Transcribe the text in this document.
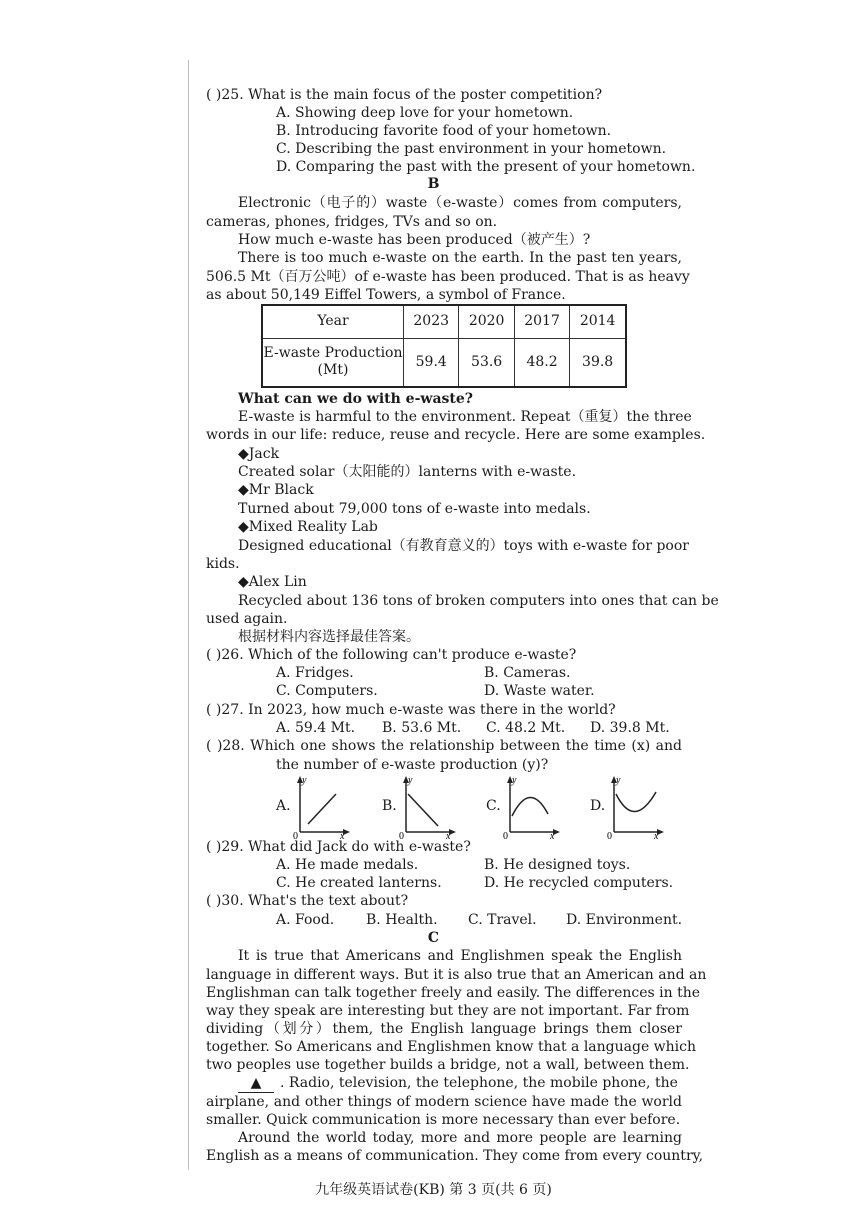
( )25. What is the main focus of the poster competition?
A. Showing deep love for your hometown.
B. Introducing favorite food of your hometown.
C. Describing the past environment in your hometown.
D. Comparing the past with the present of your hometown.
B
Electronic（电子的）waste（e-waste）comes from computers,
cameras, phones, fridges, TVs and so on.
How much e-waste has been produced（被产生）?
There is too much e-waste on the earth. In the past ten years,
506.5 Mt（百万公吨）of e-waste has been produced. That is as heavy
as about 50,149 Eiffel Towers, a symbol of France.
Year	2023	2020	2017	2014

E-waste Production
(Mt)	59.4	53.6	48.2	39.8
What can we do with e-waste?
E-waste is harmful to the environment. Repeat（重复）the three
words in our life: reduce, reuse and recycle. Here are some examples.
◆Jack
Created solar（太阳能的）lanterns with e-waste.
◆Mr Black
Turned about 79,000 tons of e-waste into medals.
◆Mixed Reality Lab
Designed educational（有教育意义的）toys with e-waste for poor
kids.
◆Alex Lin
Recycled about 136 tons of broken computers into ones that can be
used again.
根据材料内容选择最佳答案。
( )26. Which of the following can't produce e-waste?
A. Fridges.	B. Cameras.
C. Computers.	D. Waste water.
( )27. In 2023, how much e-waste was there in the world?
A. 59.4 Mt. B. 53.6 Mt. C. 48.2 Mt. D. 39.8 Mt.
( )28. Which one shows the relationship between the time (x) and
the number of e-waste production (y)?
A.
y
0	x
B.
y
0	x
C.
y
0	x
D.
y
0	x
( )29. What did Jack do with e-waste?
A. He made medals.	B. He designed toys.
C. He created lanterns.	D. He recycled computers.
( )30. What's the text about?
A. Food. B. Health. C. Travel. D. Environment.
C
It is true that Americans and Englishmen speak the English
language in different ways. But it is also true that an American and an
Englishman can talk together freely and easily. The differences in the
way they speak are interesting but they are not important. Far from
dividing（划分）them, the English language brings them closer
together. So Americans and Englishmen know that a language which
two peoples use together builds a bridge, not a wall, between them.
▲ . Radio, television, the telephone, the mobile phone, the
airplane, and other things of modern science have made the world
smaller. Quick communication is more necessary than ever before.
Around the world today, more and more people are learning
English as a means of communication. They come from every country,
九年级英语试卷(KB) 第 3 页(共 6 页)
